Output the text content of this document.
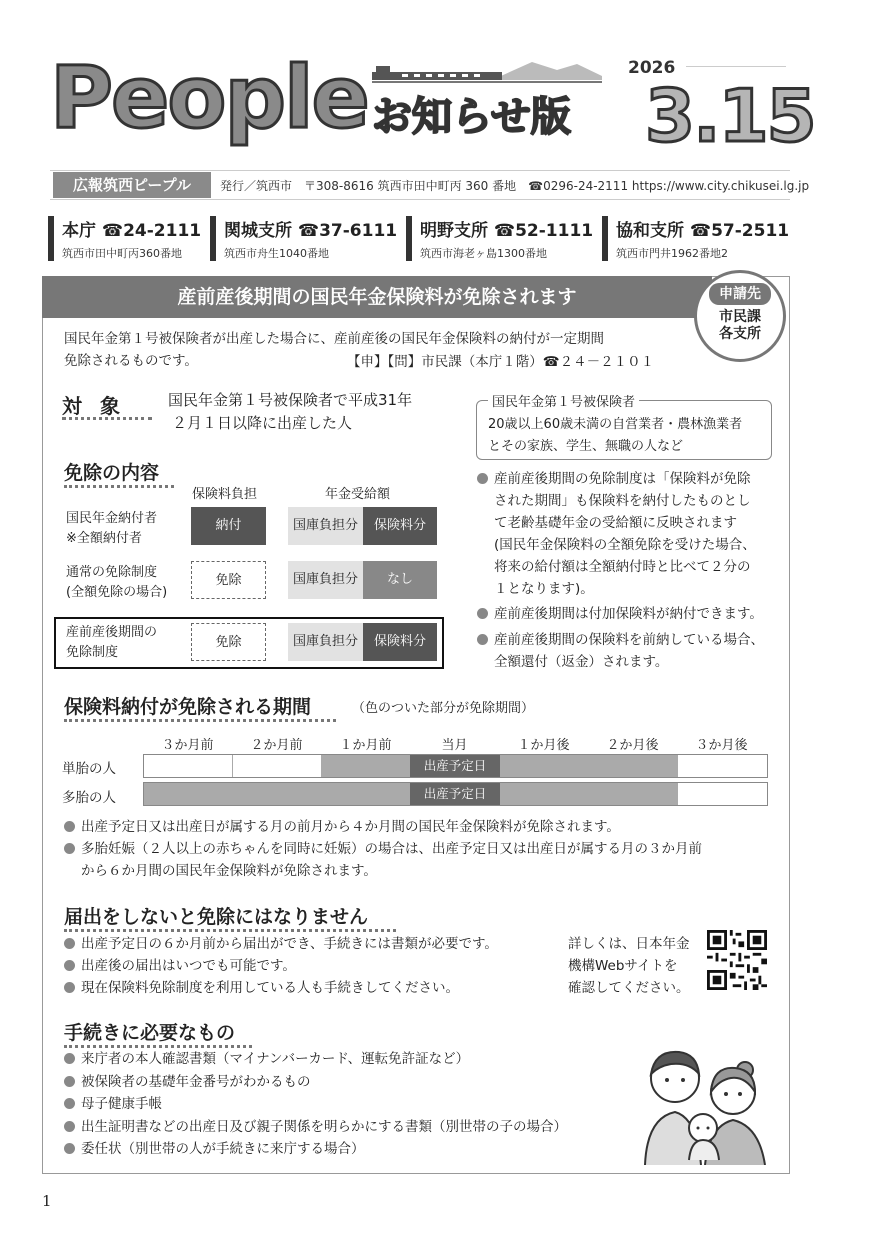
People お知らせ版
2026
3.15
広報筑西ピープル	発行／筑西市　〒308-8616 筑西市田中町丙 360 番地　☎0296-24-2111 https://www.city.chikusei.lg.jp
本庁 ☎24-2111
筑西市田中町丙360番地
関城支所 ☎37-6111
筑西市舟生1040番地
明野支所 ☎52-1111
筑西市海老ヶ島1300番地
協和支所 ☎57-2511
筑西市門井1962番地2
産前産後期間の国民年金保険料が免除されます	申請先
市民課
各支所
国民年金第１号被保険者が出産した場合に、産前産後の国民年金保険料の納付が一定期間
免除されるものです。	【申】【問】市民課（本庁１階）☎２４－２１０１
対象 国民年金第１号被保険者で平成31年
２月１日以降に出産した人
国民年金第１号被保険者
20歳以上60歳未満の自営業者・農林漁業者
とその家族、学生、無職の人など
免除の内容
保険料負担	年金受給額
国民年金納付者
※全額納付者
納付	国庫負担分	保険料分
通常の免除制度
(全額免除の場合)
免除	国庫負担分	なし
産前産後期間の
免除制度
免除	国庫負担分	保険料分
産前産後期間の免除制度は「保険料が免除
された期間」も保険料を納付したものとし
て老齢基礎年金の受給額に反映されます
(国民年金保険料の全額免除を受けた場合、
将来の給付額は全額納付時と比べて２分の
１となります)。
産前産後期間は付加保険料が納付できます。
産前産後期間の保険料を前納している場合、
全額還付（返金）されます。
保険料納付が免除される期間	（色のついた部分が免除期間）
３か月前	２か月前	１か月前	当月	１か月後	２か月後	３か月後
単胎の人	出産予定日
多胎の人	出産予定日
出産予定日又は出産日が属する月の前月から４か月間の国民年金保険料が免除されます。
多胎妊娠（２人以上の赤ちゃんを同時に妊娠）の場合は、出産予定日又は出産日が属する月の３か月前
から６か月間の国民年金保険料が免除されます。
届出をしないと免除にはなりません
出産予定日の６か月前から届出ができ、手続きには書類が必要です。
出産後の届出はいつでも可能です。
現在保険料免除制度を利用している人も手続きしてください。
詳しくは、日本年金
機構Webサイトを
確認してください。
手続きに必要なもの
来庁者の本人確認書類（マイナンバーカード、運転免許証など）
被保険者の基礎年金番号がわかるもの
母子健康手帳
出生証明書などの出産日及び親子関係を明らかにする書類（別世帯の子の場合）
委任状（別世帯の人が手続きに来庁する場合）
1
